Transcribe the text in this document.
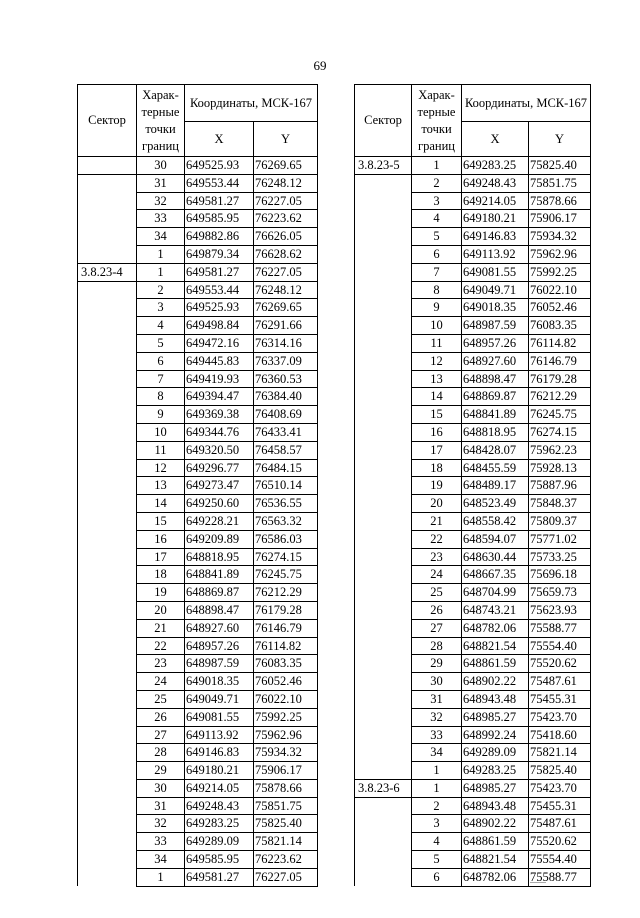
69
Сектор	Харак-терные точки границ	Координаты, МСК-167	
		X	Y
	30	649525.93	76269.65
	31	649553.44	76248.12
	32	649581.27	76227.05
	33	649585.95	76223.62
	34	649882.86	76626.05
	1	649879.34	76628.62
3.8.23-4	1	649581.27	76227.05
	2	649553.44	76248.12
	3	649525.93	76269.65
	4	649498.84	76291.66
	5	649472.16	76314.16
	6	649445.83	76337.09
	7	649419.93	76360.53
	8	649394.47	76384.40
	9	649369.38	76408.69
	10	649344.76	76433.41
	11	649320.50	76458.57
	12	649296.77	76484.15
	13	649273.47	76510.14
	14	649250.60	76536.55
	15	649228.21	76563.32
	16	649209.89	76586.03
	17	648818.95	76274.15
	18	648841.89	76245.75
	19	648869.87	76212.29
	20	648898.47	76179.28
	21	648927.60	76146.79
	22	648957.26	76114.82
	23	648987.59	76083.35
	24	649018.35	76052.46
	25	649049.71	76022.10
	26	649081.55	75992.25
	27	649113.92	75962.96
	28	649146.83	75934.32
	29	649180.21	75906.17
	30	649214.05	75878.66
	31	649248.43	75851.75
	32	649283.25	75825.40
	33	649289.09	75821.14
	34	649585.95	76223.62
	1	649581.27	76227.05
Сектор	Харак-терные точки границ	Координаты, МСК-167	
		X	Y
3.8.23-5	1	649283.25	75825.40
	2	649248.43	75851.75
	3	649214.05	75878.66
	4	649180.21	75906.17
	5	649146.83	75934.32
	6	649113.92	75962.96
	7	649081.55	75992.25
	8	649049.71	76022.10
	9	649018.35	76052.46
	10	648987.59	76083.35
	11	648957.26	76114.82
	12	648927.60	76146.79
	13	648898.47	76179.28
	14	648869.87	76212.29
	15	648841.89	76245.75
	16	648818.95	76274.15
	17	648428.07	75962.23
	18	648455.59	75928.13
	19	648489.17	75887.96
	20	648523.49	75848.37
	21	648558.42	75809.37
	22	648594.07	75771.02
	23	648630.44	75733.25
	24	648667.35	75696.18
	25	648704.99	75659.73
	26	648743.21	75623.93
	27	648782.06	75588.77
	28	648821.54	75554.40
	29	648861.59	75520.62
	30	648902.22	75487.61
	31	648943.48	75455.31
	32	648985.27	75423.70
	33	648992.24	75418.60
	34	649289.09	75821.14
	1	649283.25	75825.40
3.8.23-6	1	648985.27	75423.70
	2	648943.48	75455.31
	3	648902.22	75487.61
	4	648861.59	75520.62
	5	648821.54	75554.40
	6	648782.06	75588.77
